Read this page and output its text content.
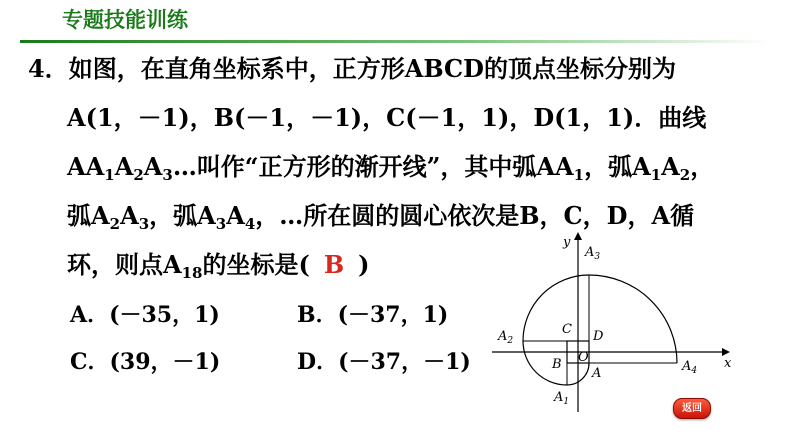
专题技能训练
4．如图，在直角坐标系中，正方形ABCD的顶点坐标分别为
A(1，－1)，B(－1，－1)，C(－1，1)，D(1，1)．曲线
$AA_1A_2A_3\dots$叫作“正方形的渐开线”，其中弧$AA_1$，弧$A_1A_2$，
弧$A_2A_3$，弧$A_3A_4$，…所在圆的圆心依次是B，C，D，A循
环，则点$A_{18}$的坐标是( B )
A．(－35，1)	B．(－37，1)
C．(39，－1)	D．(－37，－1)	x
y
O
A
B
C D
$A_1$
$A_2$
$A_3$
$A_4$
返回
